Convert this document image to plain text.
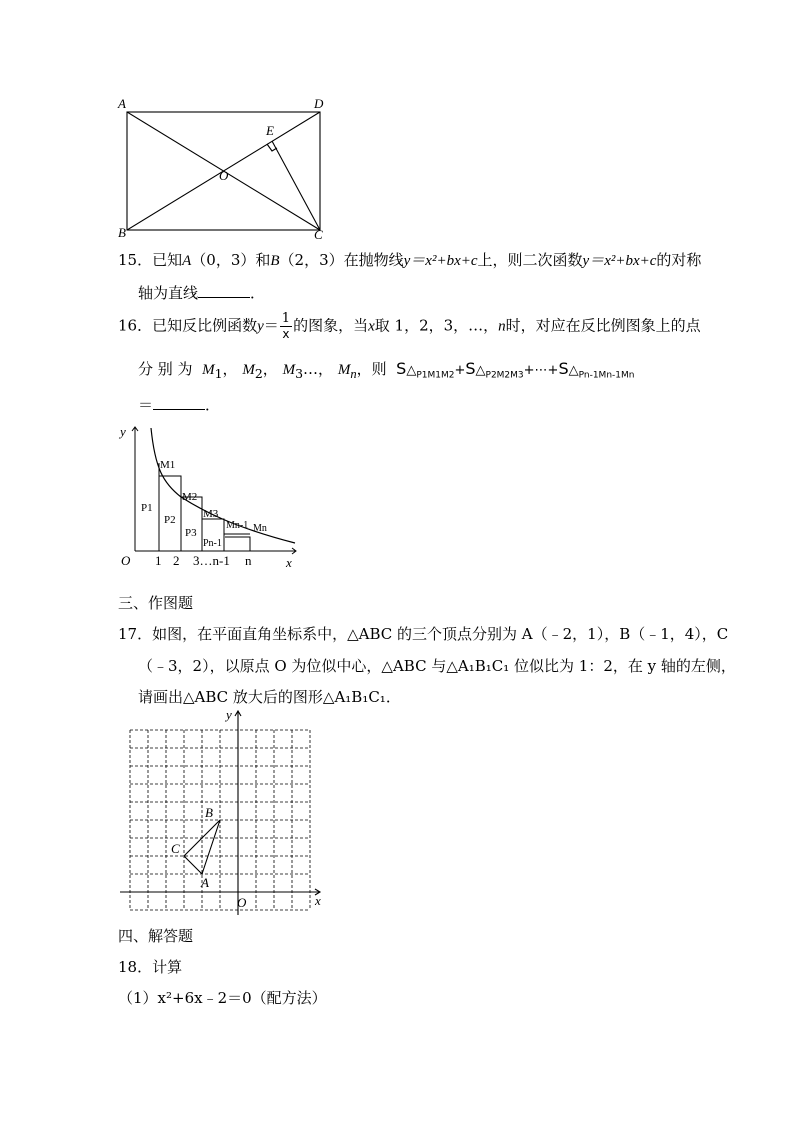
A	D
E
O
B	C
15．已知A（0，3）和B（2，3）在抛物线y＝x²+bx+c上，则二次函数y＝x²+bx+c的对称
轴为直线	．
16．已知反比例函数$y= \frac{1}{x}$ 的图象，当x取 1，2，3，…，n时，对应在反比例图象上的点
分 别 为 $M_1$， $M_2$， $M_3\dots$， $M_n$，则 $S\triangle_{P1M1M2}+S\triangle_{P2M2M3}+\cdots+S\triangle_{Pn-1Mn-1Mn}$
＝	．
y
O	x
M1
M2
M3
Mn-1 Mn
P1
P2
P3
Pn-1
1 2 3…n-1 n
三、作图题
17．如图，在平面直角坐标系中，△ABC 的三个顶点分别为 A（﹣2，1），B（﹣1，4），C
（﹣3，2），以原点 O 为位似中心，△ABC 与△A₁B₁C₁ 位似比为 1：2，在 y 轴的左侧，
请画出△ABC 放大后的图形△A₁B₁C₁．
y
x
O
A
B
C
四、解答题
18．计算
（1）x²+6x﹣2＝0（配方法）
